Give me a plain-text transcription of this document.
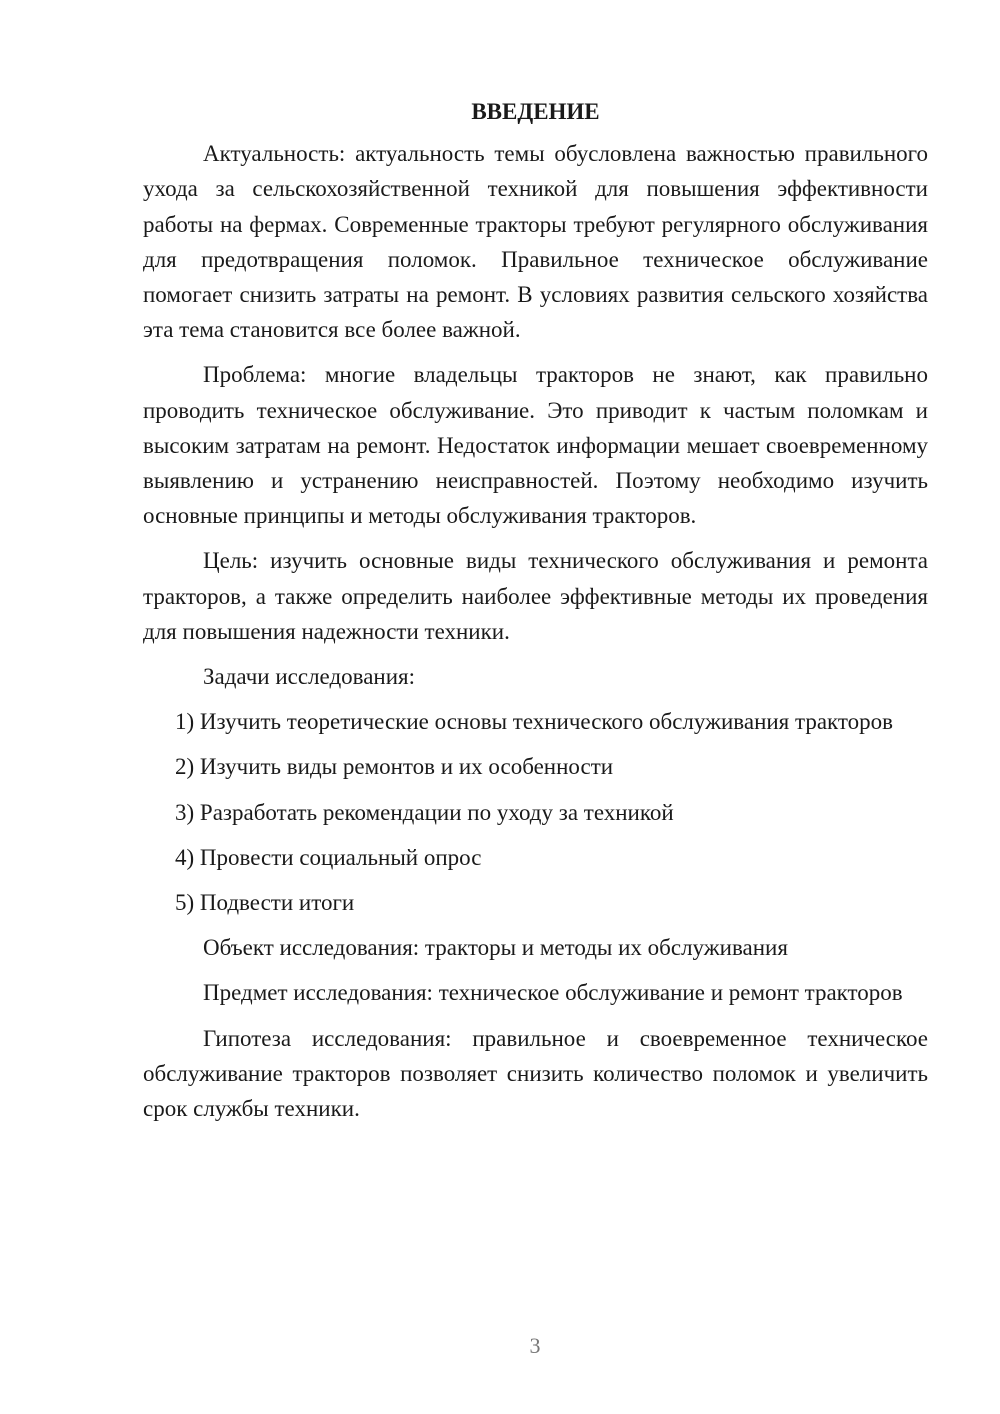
ВВЕДЕНИЕ

Актуальность: актуальность темы обусловлена важностью правильного ухода за сельскохозяйственной техникой для повышения эффективности работы на фермах. Современные тракторы требуют регулярного обслуживания для предотвращения поломок. Правильное техническое обслуживание помогает снизить затраты на ремонт. В условиях развития сельского хозяйства эта тема становится все более важной.

Проблема: многие владельцы тракторов не знают, как правильно проводить техническое обслуживание. Это приводит к частым поломкам и высоким затратам на ремонт. Недостаток информации мешает своевременному выявлению и устранению неисправностей. Поэтому необходимо изучить основные принципы и методы обслуживания тракторов.

Цель: изучить основные виды технического обслуживания и ремонта тракторов, а также определить наиболее эффективные методы их проведения для повышения надежности техники.

Задачи исследования:

1) Изучить теоретические основы технического обслуживания тракторов

2) Изучить виды ремонтов и их особенности

3) Разработать рекомендации по уходу за техникой

4) Провести социальный опрос

5) Подвести итоги

Объект исследования: тракторы и методы их обслуживания

Предмет исследования: техническое обслуживание и ремонт тракторов

Гипотеза исследования: правильное и своевременное техническое обслуживание тракторов позволяет снизить количество поломок и увеличить срок службы техники.

3
